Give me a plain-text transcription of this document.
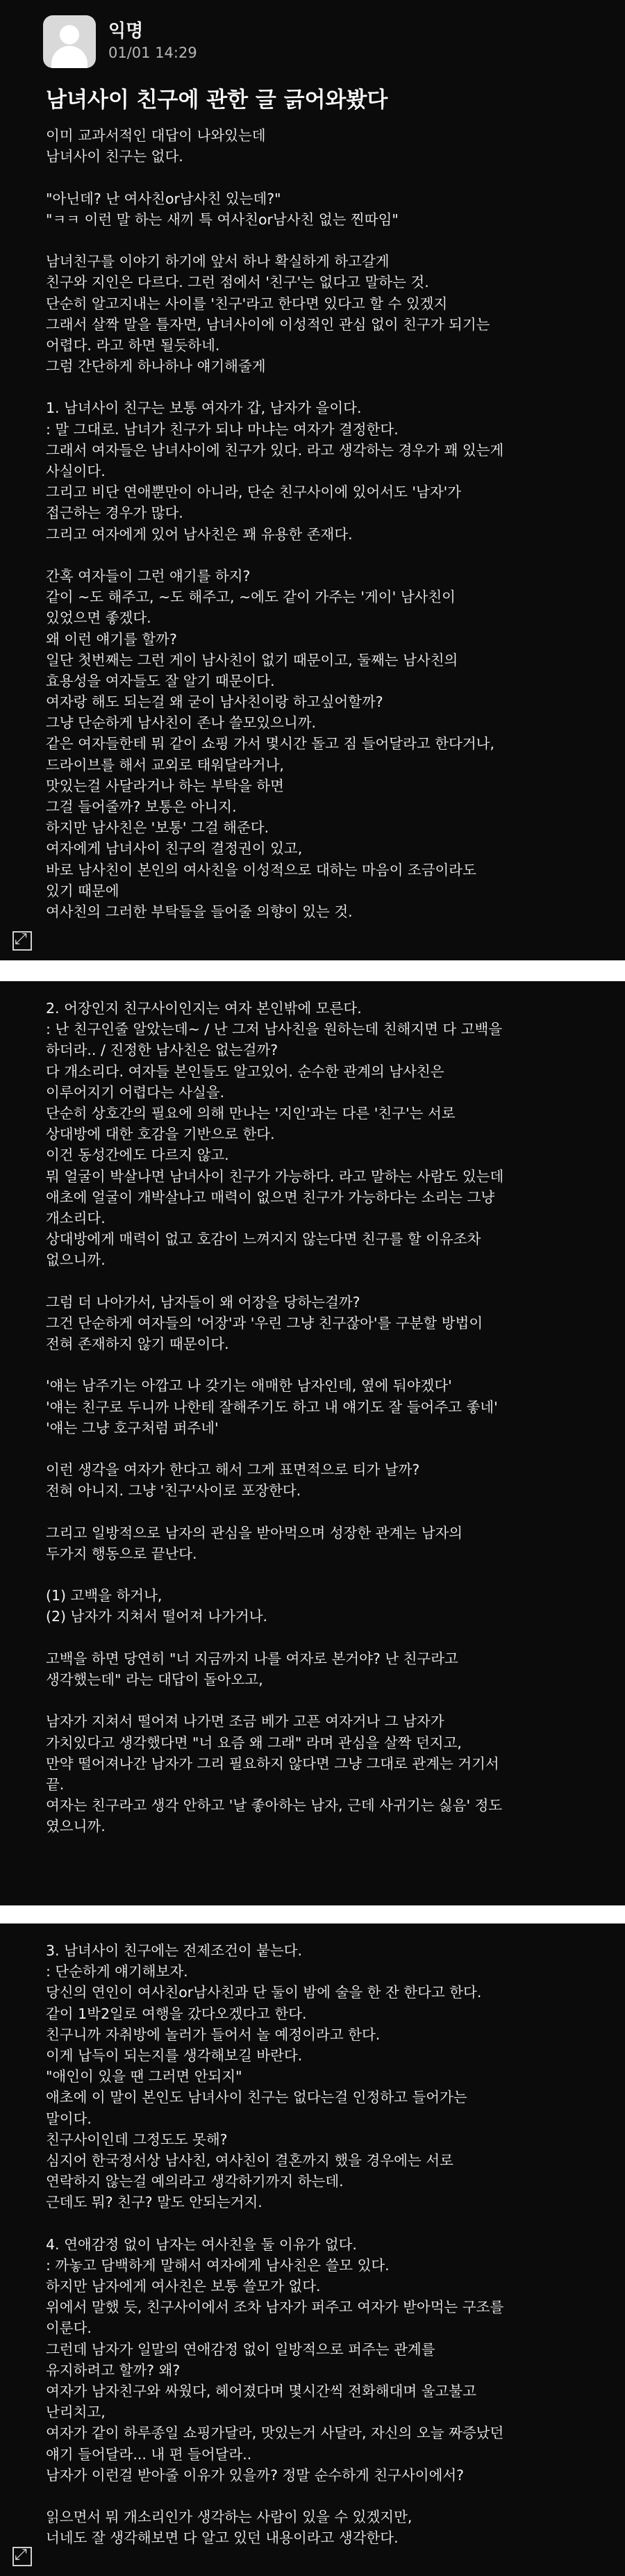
익명
01/01 14:29
남녀사이 친구에 관한 글 긁어와봤다
이미 교과서적인 대답이 나와있는데
남녀사이 친구는 없다.
"아닌데? 난 여사친or남사친 있는데?"
"ㅋㅋ 이런 말 하는 새끼 특 여사친or남사친 없는 찐따임"
남녀친구를 이야기 하기에 앞서 하나 확실하게 하고갈게
친구와 지인은 다르다. 그런 점에서 '친구'는 없다고 말하는 것.
단순히 알고지내는 사이를 '친구'라고 한다면 있다고 할 수 있겠지
그래서 살짝 말을 틀자면, 남녀사이에 이성적인 관심 없이 친구가 되기는
어렵다. 라고 하면 될듯하네.
그럼 간단하게 하나하나 얘기해줄게
1. 남녀사이 친구는 보통 여자가 갑, 남자가 을이다.
: 말 그대로. 남녀가 친구가 되나 마냐는 여자가 결정한다.
그래서 여자들은 남녀사이에 친구가 있다. 라고 생각하는 경우가 꽤 있는게
사실이다.
그리고 비단 연애뿐만이 아니라, 단순 친구사이에 있어서도 '남자'가
접근하는 경우가 많다.
그리고 여자에게 있어 남사친은 꽤 유용한 존재다.
간혹 여자들이 그런 얘기를 하지?
같이 ~도 해주고, ~도 해주고, ~에도 같이 가주는 '게이' 남사친이
있었으면 좋겠다.
왜 이런 얘기를 할까?
일단 첫번째는 그런 게이 남사친이 없기 때문이고, 둘째는 남사친의
효용성을 여자들도 잘 알기 때문이다.
여자랑 해도 되는걸 왜 굳이 남사친이랑 하고싶어할까?
그냥 단순하게 남사친이 존나 쓸모있으니까.
같은 여자들한테 뭐 같이 쇼핑 가서 몇시간 돌고 짐 들어달라고 한다거나,
드라이브를 해서 교외로 태워달라거나,
맛있는걸 사달라거나 하는 부탁을 하면
그걸 들어줄까? 보통은 아니지.
하지만 남사친은 '보통' 그걸 해준다.
여자에게 남녀사이 친구의 결정권이 있고,
바로 남사친이 본인의 여사친을 이성적으로 대하는 마음이 조금이라도
있기 때문에
여사친의 그러한 부탁들을 들어줄 의향이 있는 것.
⤢
2. 어장인지 친구사이인지는 여자 본인밖에 모른다.
: 난 친구인줄 알았는데~ / 난 그저 남사친을 원하는데 친해지면 다 고백을
하더라.. / 진정한 남사친은 없는걸까?
다 개소리다. 여자들 본인들도 알고있어. 순수한 관계의 남사친은
이루어지기 어렵다는 사실을.
단순히 상호간의 필요에 의해 만나는 '지인'과는 다른 '친구'는 서로
상대방에 대한 호감을 기반으로 한다.
이건 동성간에도 다르지 않고.
뭐 얼굴이 박살나면 남녀사이 친구가 가능하다. 라고 말하는 사람도 있는데
애초에 얼굴이 개박살나고 매력이 없으면 친구가 가능하다는 소리는 그냥
개소리다.
상대방에게 매력이 없고 호감이 느껴지지 않는다면 친구를 할 이유조차
없으니까.
그럼 더 나아가서, 남자들이 왜 어장을 당하는걸까?
그건 단순하게 여자들의 '어장'과 '우린 그냥 친구잖아'를 구분할 방법이
전혀 존재하지 않기 때문이다.
'얘는 남주기는 아깝고 나 갖기는 애매한 남자인데, 옆에 둬야겠다'
'얘는 친구로 두니까 나한테 잘해주기도 하고 내 얘기도 잘 들어주고 좋네'
'얘는 그냥 호구처럼 퍼주네'
이런 생각을 여자가 한다고 해서 그게 표면적으로 티가 날까?
전혀 아니지. 그냥 '친구'사이로 포장한다.
그리고 일방적으로 남자의 관심을 받아먹으며 성장한 관계는 남자의
두가지 행동으로 끝난다.
(1) 고백을 하거나,
(2) 남자가 지쳐서 떨어져 나가거나.
고백을 하면 당연히 "너 지금까지 나를 여자로 본거야? 난 친구라고
생각했는데" 라는 대답이 돌아오고,
남자가 지쳐서 떨어져 나가면 조금 베가 고픈 여자거나 그 남자가
가치있다고 생각했다면 "너 요즘 왜 그래" 라며 관심을 살짝 던지고,
만약 떨어져나간 남자가 그리 필요하지 않다면 그냥 그대로 관계는 거기서
끝.
여자는 친구라고 생각 안하고 '날 좋아하는 남자, 근데 사귀기는 싫음' 정도
였으니까.
3. 남녀사이 친구에는 전제조건이 붙는다.
: 단순하게 얘기해보자.
당신의 연인이 여사친or남사친과 단 둘이 밤에 술을 한 잔 한다고 한다.
같이 1박2일로 여행을 갔다오겠다고 한다.
친구니까 자취방에 놀러가 들어서 놀 예정이라고 한다.
이게 납득이 되는지를 생각해보길 바란다.
"애인이 있을 땐 그러면 안되지"
애초에 이 말이 본인도 남녀사이 친구는 없다는걸 인정하고 들어가는
말이다.
친구사이인데 그정도도 못해?
심지어 한국정서상 남사친, 여사친이 결혼까지 했을 경우에는 서로
연락하지 않는걸 예의라고 생각하기까지 하는데.
근데도 뭐? 친구? 말도 안되는거지.
4. 연애감정 없이 남자는 여사친을 둘 이유가 없다.
: 까놓고 담백하게 말해서 여자에게 남사친은 쓸모 있다.
하지만 남자에게 여사친은 보통 쓸모가 없다.
위에서 말했 듯, 친구사이에서 조차 남자가 퍼주고 여자가 받아먹는 구조를
이룬다.
그런데 남자가 일말의 연애감정 없이 일방적으로 퍼주는 관계를
유지하려고 할까? 왜?
여자가 남자친구와 싸웠다, 헤어졌다며 몇시간씩 전화해대며 울고불고
난리치고,
여자가 같이 하루종일 쇼핑가달라, 맛있는거 사달라, 자신의 오늘 짜증났던
얘기 들어달라... 내 편 들어달라..
남자가 이런걸 받아줄 이유가 있을까? 정말 순수하게 친구사이에서?
읽으면서 뭐 개소리인가 생각하는 사람이 있을 수 있겠지만,
너네도 잘 생각해보면 다 알고 있던 내용이라고 생각한다.
⤢
